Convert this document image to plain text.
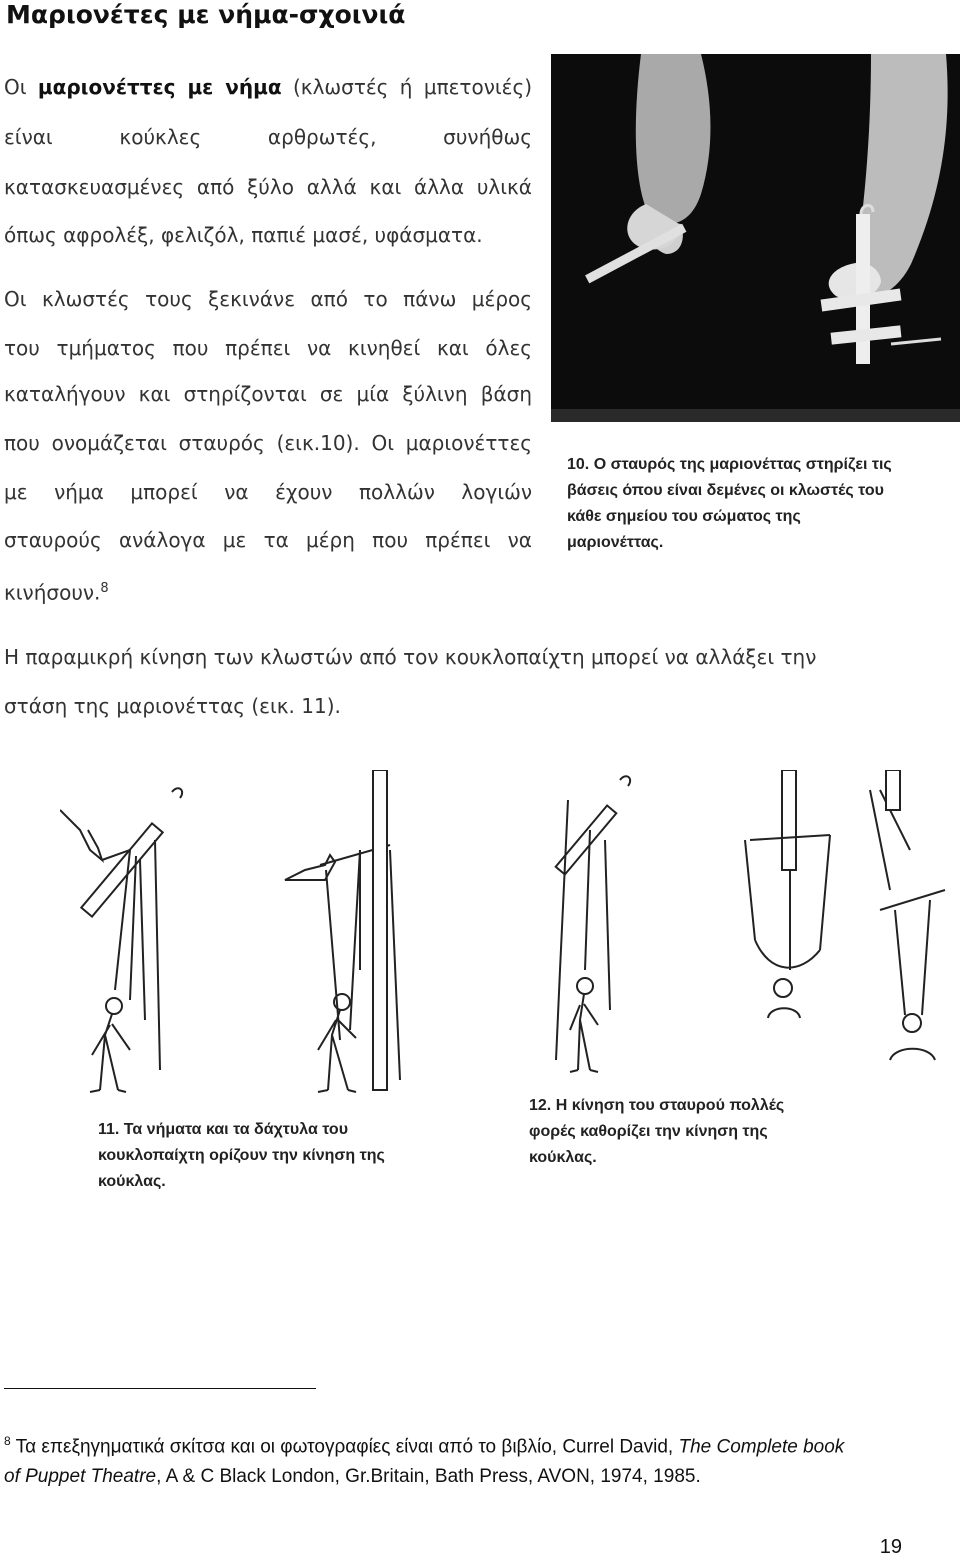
Μαριονέτες με νήμα-σχοινιά
Οι μαριονέττες με νήμα (κλωστές ή μπετονιές)
είναι κούκλες αρθρωτές, συνήθως
κατασκευασμένες από ξύλο αλλά και άλλα υλικά
όπως αφρολέξ, φελιζόλ, παπιέ μασέ, υφάσματα.
Οι κλωστές τους ξεκινάνε από το πάνω μέρος
του τμήματος που πρέπει να κινηθεί και όλες
καταλήγουν και στηρίζονται σε μία ξύλινη βάση
που ονομάζεται σταυρός (εικ.10). Οι μαριονέττες
με νήμα μπορεί να έχουν πολλών λογιών
σταυρούς ανάλογα με τα μέρη που πρέπει να
κινήσουν.$^8$
10. Ο σταυρός της μαριονέττας στηρίζει τις
βάσεις όπου είναι δεμένες οι κλωστές του
κάθε σημείου του σώματος της
μαριονέττας.
Η παραμικρή κίνηση των κλωστών από τον κουκλοπαίχτη μπορεί να αλλάξει την
στάση της μαριονέττας (εικ. 11).
11. Τα νήματα και τα δάχτυλα του
κουκλοπαίχτη ορίζουν την κίνηση της
κούκλας.
12. Η κίνηση του σταυρού πολλές
φορές καθορίζει την κίνηση της
κούκλας.
$^8$ Τα επεξηγηματικά σκίτσα και οι φωτογραφίες είναι από το βιβλίο, Currel David, The Complete book
of Puppet Theatre, A & C Black London, Gr.Britain, Bath Press, AVON, 1974, 1985.
19
